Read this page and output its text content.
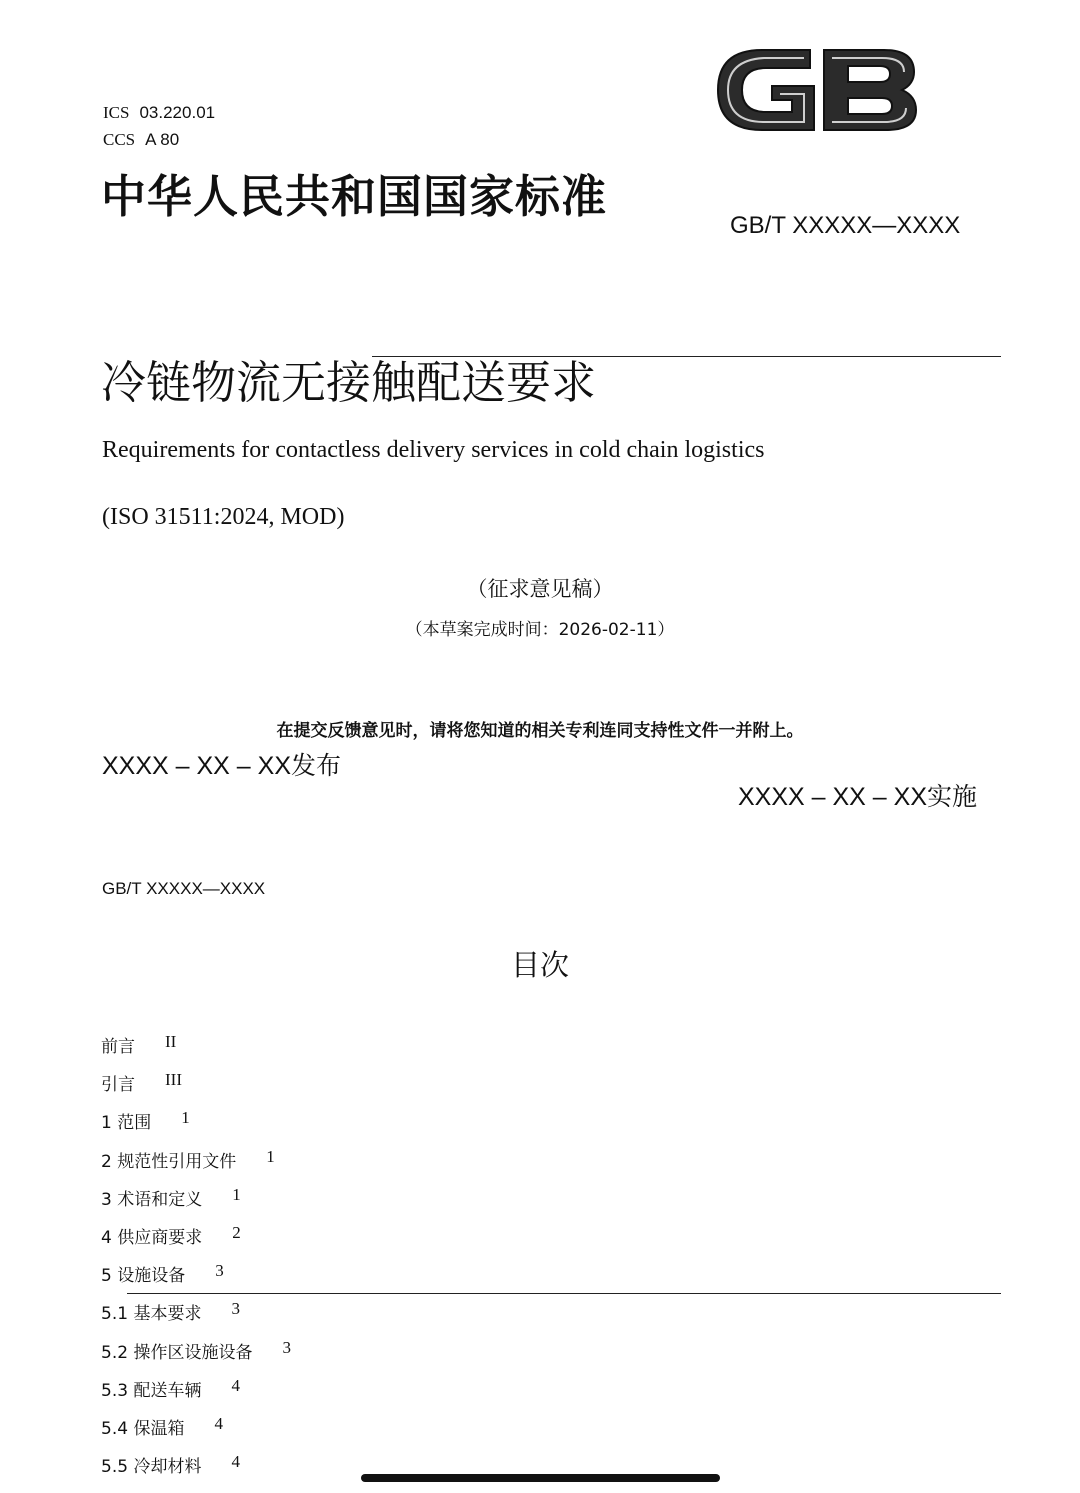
ICS 03.220.01
CCS A 80
中华人民共和国国家标准
GB/T XXXXX—XXXX
冷链物流无接触配送要求
Requirements for contactless delivery services in cold chain logistics
(ISO 31511:2024, MOD)
（征求意见稿）
（本草案完成时间：2026-02-11）
在提交反馈意见时，请将您知道的相关专利连同支持性文件一并附上。
XXXX – XX – XX发布
XXXX – XX – XX实施
GB/T XXXXX—XXXX
目次
前言 II
引言 III
1 范围 1
2 规范性引用文件 1
3 术语和定义 1
4 供应商要求 2
5 设施设备 3
5.1 基本要求 3
5.2 操作区设施设备 3
5.3 配送车辆 4
5.4 保温箱 4
5.5 冷却材料 4
